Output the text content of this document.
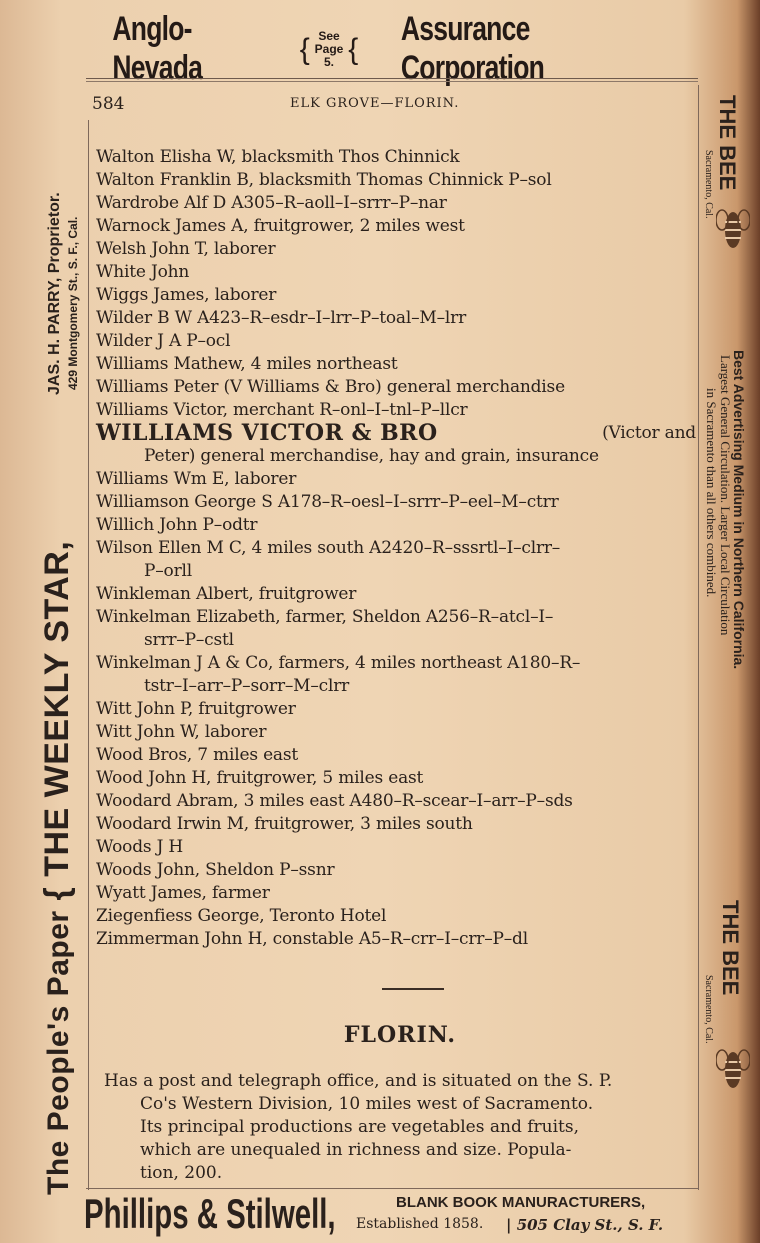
Anglo-Nevada	{ See
Page 5. {
Assurance Corporation
584	ELK GROVE—FLORIN.
The People's Paper { THE WEEKLY STAR,
JAS. H. PARRY, Proprietor. 429 Montgomery St., S. F., Cal.
THE BEE
Sacramento, Cal.
Best Advertising Medium in Northern California.
Largest General Circulation. Larger Local Circulation
in Sacramento than all others combined.
THE BEE
Sacramento, Cal.
Walton Elisha W, blacksmith Thos Chinnick
Walton Franklin B, blacksmith Thomas Chinnick P–sol
Wardrobe Alf D A305–R–aoll–I–srrr–P–nar
Warnock James A, fruitgrower, 2 miles west
Welsh John T, laborer
White John
Wiggs James, laborer
Wilder B W A423–R–esdr–I–lrr–P–toal–M–lrr
Wilder J A P–ocl
Williams Mathew, 4 miles northeast
Williams Peter (V Williams & Bro) general merchandise
Williams Victor, merchant R–onl–I–tnl–P–llcr
WILLIAMS VICTOR & BRO	(Victor and
Peter) general merchandise, hay and grain, insurance
Williams Wm E, laborer
Williamson George S A178–R–oesl–I–srrr–P–eel–M–ctrr
Willich John P–odtr
Wilson Ellen M C, 4 miles south A2420–R–sssrtl–I–clrr–
P–orll
Winkleman Albert, fruitgrower
Winkelman Elizabeth, farmer, Sheldon A256–R–atcl–I–
srrr–P–cstl
Winkelman J A & Co, farmers, 4 miles northeast A180–R–
tstr–I–arr–P–sorr–M–clrr
Witt John P, fruitgrower
Witt John W, laborer
Wood Bros, 7 miles east
Wood John H, fruitgrower, 5 miles east
Woodard Abram, 3 miles east A480–R–scear–I–arr–P–sds
Woodard Irwin M, fruitgrower, 3 miles south
Woods J H
Woods John, Sheldon P–ssnr
Wyatt James, farmer
Ziegenfiess George, Teronto Hotel
Zimmerman John H, constable A5–R–crr–I–crr–P–dl
FLORIN.
Has a post and telegraph office, and is situated on the S. P.
Co's Western Division, 10 miles west of Sacramento.
Its principal productions are vegetables and fruits,
which are unequaled in richness and size. Popula-
tion, 200.
Phillips & Stilwell,	BLANK BOOK MANURACTURERS,
Established 1858. | 505 Clay St., S. F.
